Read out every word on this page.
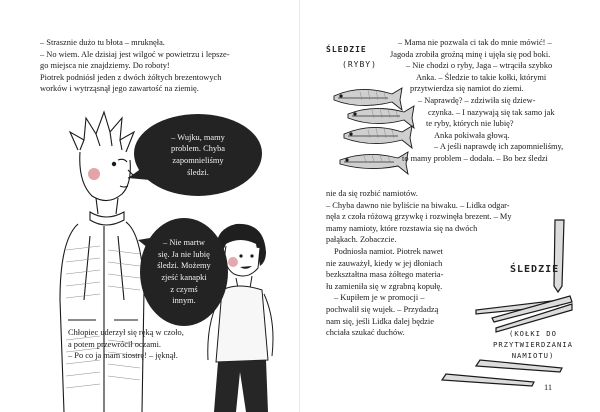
– Strasznie dużo tu błota – mruknęła.
– No wiem. Ale dzisiaj jest wilgoć w powietrzu i lepsze-
go miejsca nie znajdziemy. Do roboty!
Piotrek podniósł jeden z dwóch żółtych brezentowych
worków i wytrząsnął jego zawartość na ziemię.
– Wujku, mamy
problem. Chyba
zapomnieliśmy
śledzi.
– Nie martw
się. Ja nie lubię
śledzi. Możemy
zjeść kanapki
z czymś
innym.
Chłopiec uderzył się ręką w czoło,
a potem przewrócił oczami.
– Po co ja mam siostrę! – jęknął.
ŚLEDZIE
(RYBY)
– Mama nie pozwala ci tak do mnie mówić! –
Jagoda zrobiła groźną minę i ujęła się pod boki.
– Nie chodzi o ryby, Jaga – wtrąciła szybko
Anka. – Śledzie to takie kołki, którymi
przytwierdza się namiot do ziemi.
– Naprawdę? – zdziwiła się dziew-
czynka. – I nazywają się tak samo jak
te ryby, których nie lubię?
Anka pokiwała głową.
– A jeśli naprawdę ich zapomnieliśmy,
to mamy problem – dodała. – Bo bez śledzi
nie da się rozbić namiotów.
– Chyba dawno nie byliście na biwaku. – Lidka odgar-
nęła z czoła różową grzywkę i rozwinęła brezent. – My
mamy namioty, które rozstawia się na dwóch
pałąkach. Zobaczcie.
Podniosła namiot. Piotrek nawet
nie zauważył, kiedy w jej dłoniach
bezkształtna masa żółtego materia-
łu zamieniła się w zgrabną kopułę.
– Kupiłem je w promocji –
pochwalił się wujek. – Przydadzą
nam się, jeśli Lidka dalej będzie
chciała szukać duchów.
ŚLEDZIE
(KOŁKI DO PRZYTWIERDZANIA NAMIOTU)
11
